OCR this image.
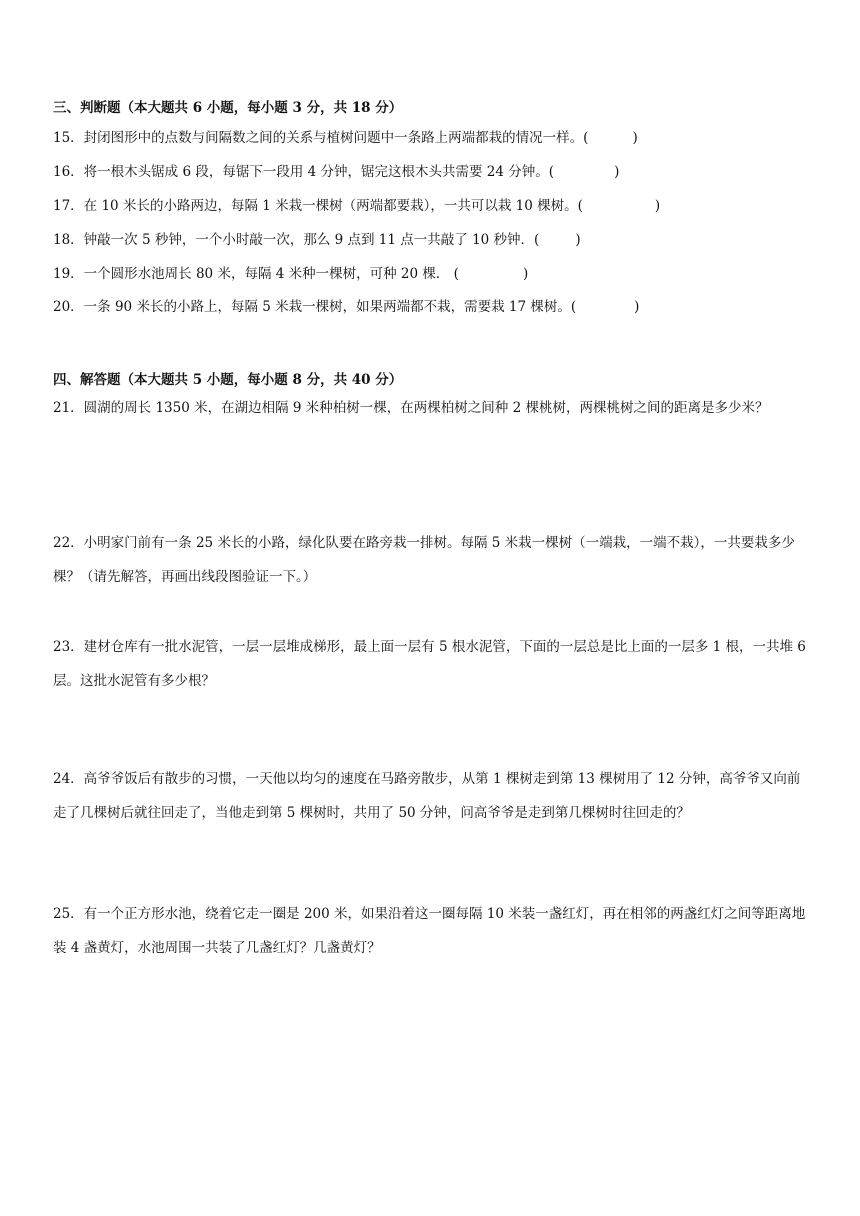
三、判断题（本大题共 6 小题，每小题 3 分，共 18 分）
15．封闭图形中的点数与间隔数之间的关系与植树问题中一条路上两端都栽的情况一样。(	)
16．将一根木头锯成 6 段，每锯下一段用 4 分钟，锯完这根木头共需要 24 分钟。(	)
17．在 10 米长的小路两边，每隔 1 米栽一棵树（两端都要栽），一共可以栽 10 棵树。(	)
18．钟敲一次 5 秒钟，一个小时敲一次，那么 9 点到 11 点一共敲了 10 秒钟．(	)
19．一个圆形水池周长 80 米，每隔 4 米种一棵树，可种 20 棵． (	)
20．一条 90 米长的小路上，每隔 5 米栽一棵树，如果两端都不栽，需要栽 17 棵树。(	)
四、解答题（本大题共 5 小题，每小题 8 分，共 40 分）
21．圆湖的周长 1350 米，在湖边相隔 9 米种柏树一棵，在两棵柏树之间种 2 棵桃树，两棵桃树之间的距离是多少米？
22．小明家门前有一条 25 米长的小路，绿化队要在路旁栽一排树。每隔 5 米栽一棵树（一端栽，一端不栽），一共要栽多少棵？（请先解答，再画出线段图验证一下。）
23．建材仓库有一批水泥管，一层一层堆成梯形，最上面一层有 5 根水泥管，下面的一层总是比上面的一层多 1 根，一共堆 6 层。这批水泥管有多少根？
24．高爷爷饭后有散步的习惯，一天他以均匀的速度在马路旁散步，从第 1 棵树走到第 13 棵树用了 12 分钟，高爷爷又向前走了几棵树后就往回走了，当他走到第 5 棵树时，共用了 50 分钟，问高爷爷是走到第几棵树时往回走的？
25．有一个正方形水池，绕着它走一圈是 200 米，如果沿着这一圈每隔 10 米装一盏红灯，再在相邻的两盏红灯之间等距离地装 4 盏黄灯，水池周围一共装了几盏红灯？几盏黄灯？
